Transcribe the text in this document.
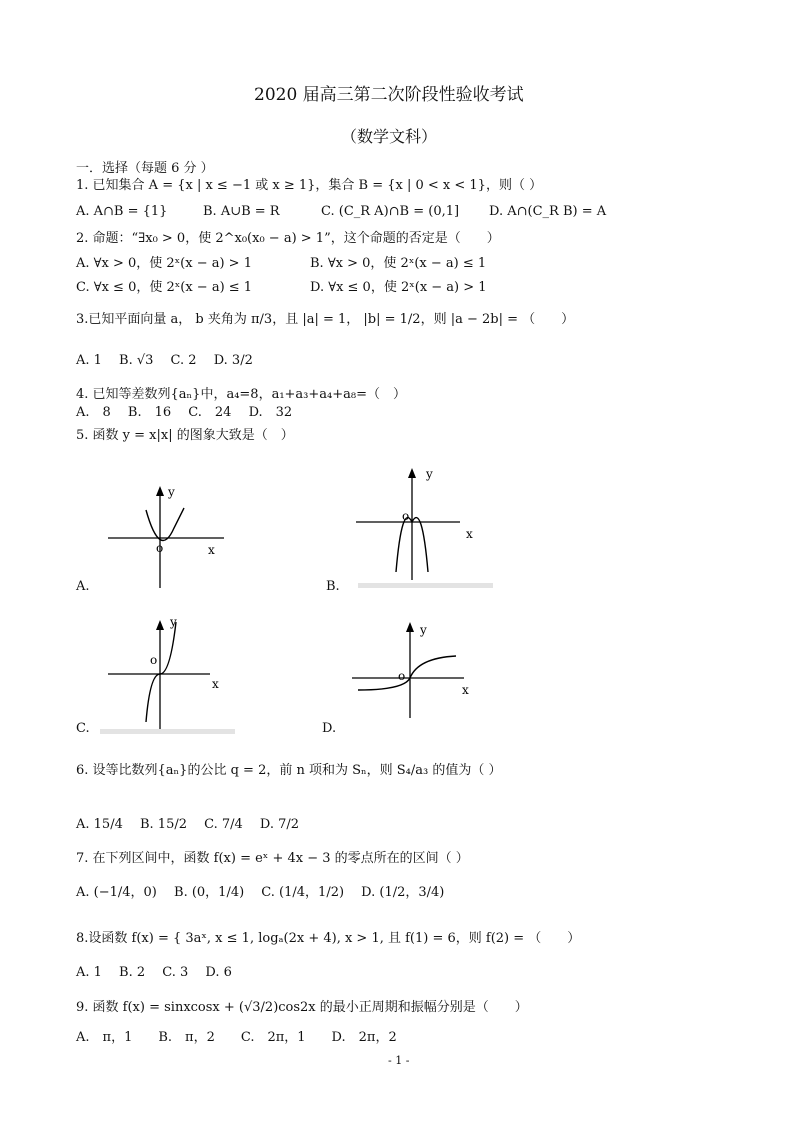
2020 届高三第二次阶段性验收考试
（数学文科）
一．选择（每题 6 分 ）
1. 已知集合 A = {x | x ≤ −1 或 x ≥ 1}，集合 B = {x | 0 < x < 1}，则（ ）
A. A∩B = {1}	B. A∪B = R	C. (C_R A)∩B = (0,1] D. A∩(C_R B) = A
2. 命题：“∃x₀ > 0，使 2^x₀(x₀ − a) > 1”，这个命题的否定是（　　）
A. ∀x > 0，使 2ˣ(x − a) > 1	B. ∀x > 0，使 2ˣ(x − a) ≤ 1
C. ∀x ≤ 0，使 2ˣ(x − a) ≤ 1	D. ∀x ≤ 0，使 2ˣ(x − a) > 1
3.已知平面向量 a， b 夹角为 π/3，且 |a| = 1， |b| = 1/2，则 |a − 2b| = （　　）
A. 1　 B. √3　 C. 2　 D. 3/2
4. 已知等差数列{aₙ}中，a₄=8，a₁+a₃+a₄+a₈=（　）
A.　8　 B.　16　 C.　24　 D.　32
5. 函数 y = x|x| 的图象大致是（　）
y
x
o
A.
y
x
o
B.
y
x
o
C.
y
x
o
D.
6. 设等比数列{aₙ}的公比 q = 2，前 n 项和为 Sₙ，则 S₄/a₃ 的值为（ ）
A. 15/4　 B. 15/2　 C. 7/4　 D. 7/2
7. 在下列区间中，函数 f(x) = eˣ + 4x − 3 的零点所在的区间（ ）
A. (−1/4，0)　 B. (0，1/4)　 C. (1/4，1/2)　 D. (1/2，3/4)
8.设函数 f(x) = { 3aˣ, x ≤ 1, logₐ(2x + 4), x > 1, 且 f(1) = 6，则 f(2) = （　　）
A. 1　 B. 2　 C. 3　 D. 6
9. 函数 f(x) = sinxcosx + (√3/2)cos2x 的最小正周期和振幅分别是（　　）
A.　π，1　　B.　π，2　　C.　2π，1　　D.　2π，2
- 1 -
